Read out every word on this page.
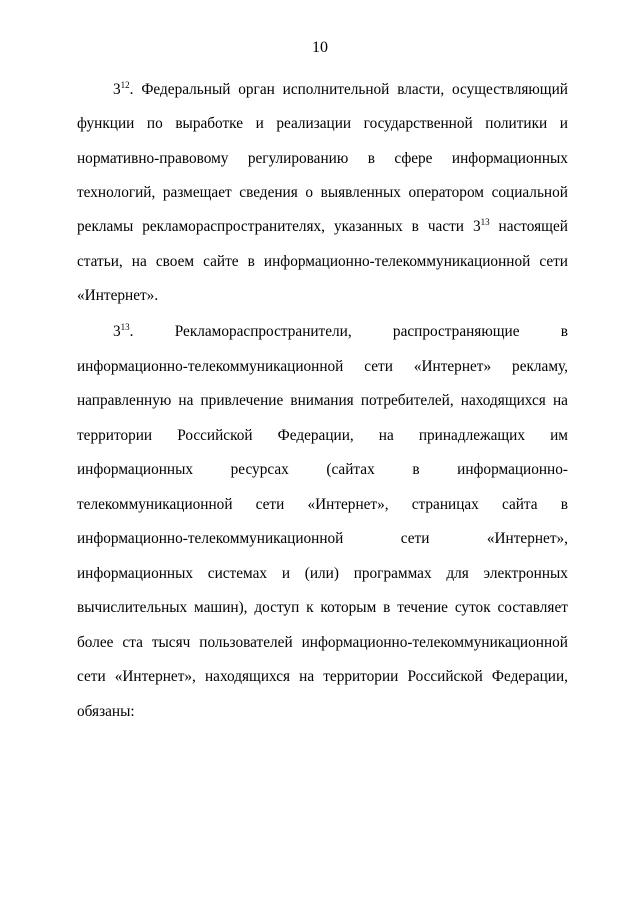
10
$3^{12}$. Федеральный орган исполнительной власти, осуществляющий
функции по выработке и реализации государственной политики и
нормативно-правовому регулированию в сфере информационных
технологий, размещает сведения о выявленных оператором социальной
рекламы рекламораспространителях, указанных в части $3^{13}$ настоящей
статьи, на своем сайте в информационно-телекоммуникационной сети
«Интернет».
$3^{13}$.	Рекламораспространители,	распространяющие	в
информационно-телекоммуникационной сети «Интернет» рекламу,
направленную на привлечение внимания потребителей, находящихся на
территории Российской Федерации, на принадлежащих им
информационных ресурсах (сайтах в информационно-
телекоммуникационной сети «Интернет», страницах сайта в
информационно-телекоммуникационной	сети	«Интернет»,
информационных системах и (или) программах для электронных
вычислительных машин), доступ к которым в течение суток составляет
более ста тысяч пользователей информационно-телекоммуникационной
сети «Интернет», находящихся на территории Российской Федерации,
обязаны:
